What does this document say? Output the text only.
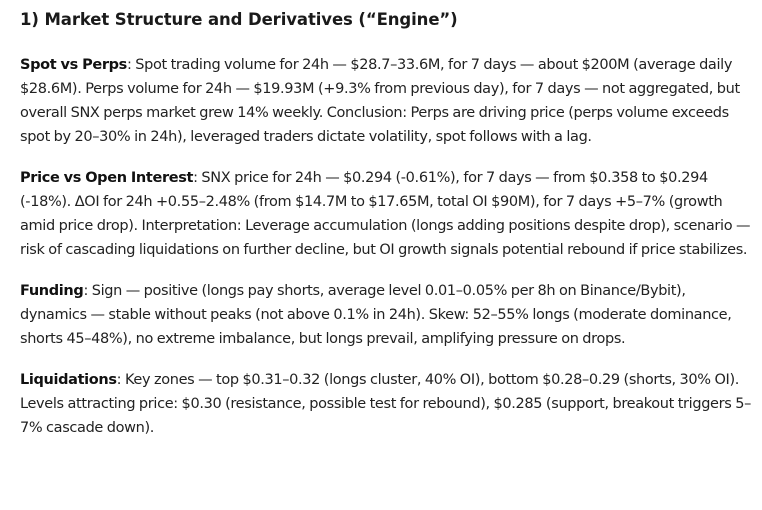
1) Market Structure and Derivatives (“Engine”)

Spot vs Perps: Spot trading volume for 24h — $28.7–33.6M, for 7 days — about $200M (average daily $28.6M). Perps volume for 24h — $19.93M (+9.3% from previous day), for 7 days — not aggregated, but overall SNX perps market grew 14% weekly. Conclusion: Perps are driving price (perps volume exceeds spot by 20–30% in 24h), leveraged traders dictate volatility, spot follows with a lag.

Price vs Open Interest: SNX price for 24h — $0.294 (-0.61%), for 7 days — from $0.358 to $0.294 (-18%). ΔOI for 24h +0.55–2.48% (from $14.7M to $17.65M, total OI $90M), for 7 days +5–7% (growth amid price drop). Interpretation: Leverage accumulation (longs adding positions despite drop), scenario — risk of cascading liquidations on further decline, but OI growth signals potential rebound if price stabilizes.

Funding: Sign — positive (longs pay shorts, average level 0.01–0.05% per 8h on Binance/Bybit), dynamics — stable without peaks (not above 0.1% in 24h). Skew: 52–55% longs (moderate dominance, shorts 45–48%), no extreme imbalance, but longs prevail, amplifying pressure on drops.

Liquidations: Key zones — top $0.31–0.32 (longs cluster, 40% OI), bottom $0.28–0.29 (shorts, 30% OI). Levels attracting price: $0.30 (resistance, possible test for rebound), $0.285 (support, breakout triggers 5–7% cascade down).
